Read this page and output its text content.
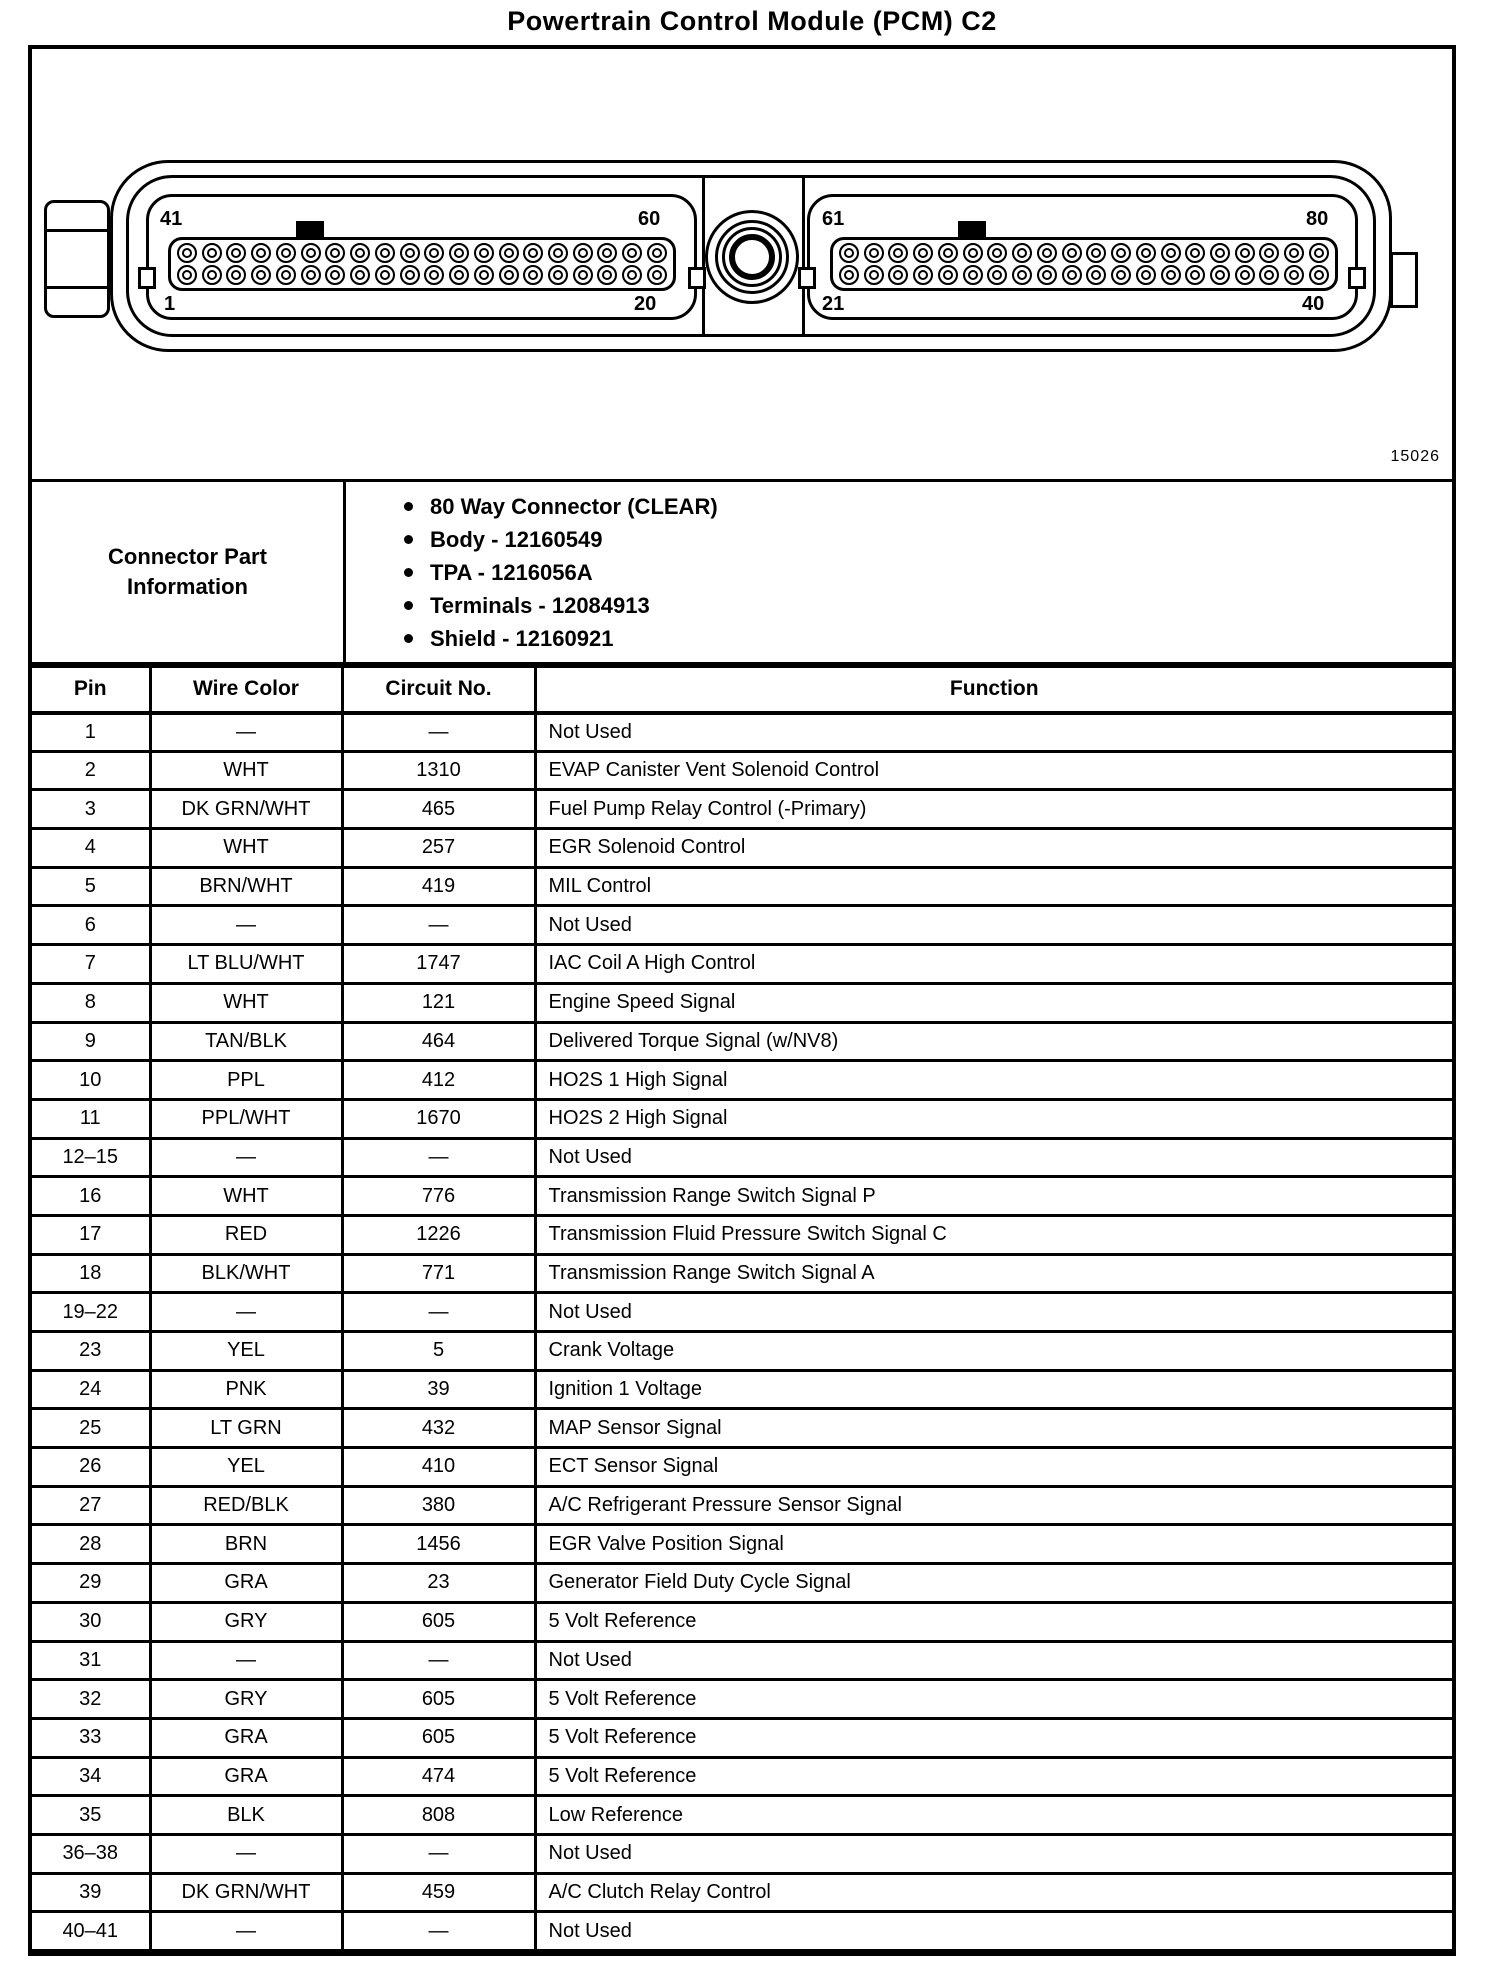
Powertrain Control Module (PCM) C2
41	60
1	20
61	80
21	40
15026
Connector Part Information
80 Way Connector (CLEAR)
Body - 12160549
TPA - 1216056A
Terminals - 12084913
Shield - 12160921
Pin	Wire Color	Circuit No.	Function
1	—	—	Not Used
2	WHT	1310	EVAP Canister Vent Solenoid Control
3	DK GRN/WHT	465	Fuel Pump Relay Control (-Primary)
4	WHT	257	EGR Solenoid Control
5	BRN/WHT	419	MIL Control
6	—	—	Not Used
7	LT BLU/WHT	1747	IAC Coil A High Control
8	WHT	121	Engine Speed Signal
9	TAN/BLK	464	Delivered Torque Signal (w/NV8)
10	PPL	412	HO2S 1 High Signal
11	PPL/WHT	1670	HO2S 2 High Signal
12–15	—	—	Not Used
16	WHT	776	Transmission Range Switch Signal P
17	RED	1226	Transmission Fluid Pressure Switch Signal C
18	BLK/WHT	771	Transmission Range Switch Signal A
19–22	—	—	Not Used
23	YEL	5	Crank Voltage
24	PNK	39	Ignition 1 Voltage
25	LT GRN	432	MAP Sensor Signal
26	YEL	410	ECT Sensor Signal
27	RED/BLK	380	A/C Refrigerant Pressure Sensor Signal
28	BRN	1456	EGR Valve Position Signal
29	GRA	23	Generator Field Duty Cycle Signal
30	GRY	605	5 Volt Reference
31	—	—	Not Used
32	GRY	605	5 Volt Reference
33	GRA	605	5 Volt Reference
34	GRA	474	5 Volt Reference
35	BLK	808	Low Reference
36–38	—	—	Not Used
39	DK GRN/WHT	459	A/C Clutch Relay Control
40–41	—	—	Not Used
